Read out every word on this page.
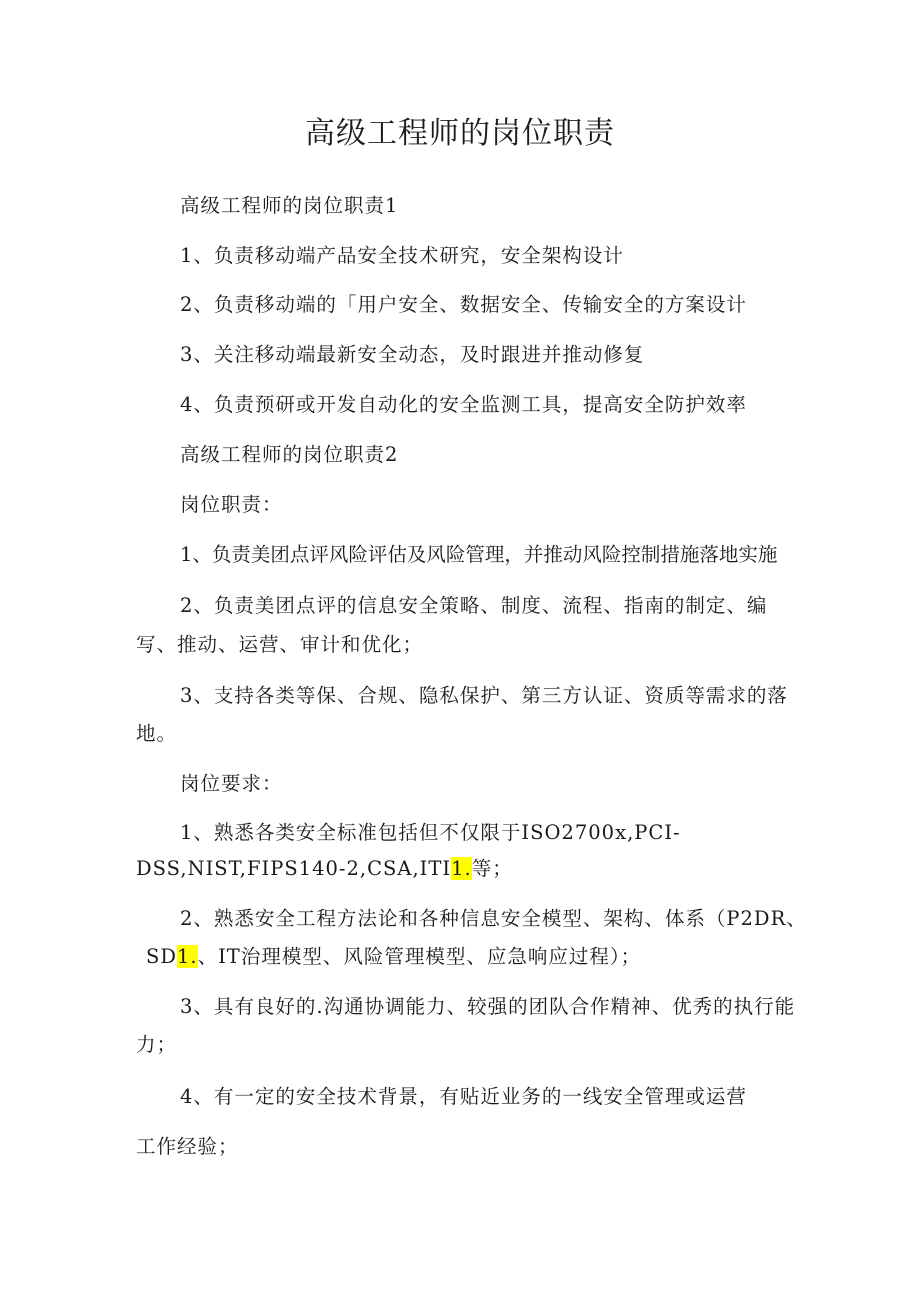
高级工程师的岗位职责
高级工程师的岗位职责1
1、负责移动端产品安全技术研究，安全架构设计
2、负责移动端的「用户安全、数据安全、传输安全的方案设计
3、关注移动端最新安全动态，及时跟进并推动修复
4、负责预研或开发自动化的安全监测工具，提高安全防护效率
高级工程师的岗位职责2
岗位职责：
1、负责美团点评风险评估及风险管理，并推动风险控制措施落地实施
2、负责美团点评的信息安全策略、制度、流程、指南的制定、编
写、推动、运营、审计和优化；
3、支持各类等保、合规、隐私保护、第三方认证、资质等需求的落
地。
岗位要求：
1、熟悉各类安全标准包括但不仅限于ISO2700x,PCI-
DSS,NIST,FIPS140-2,CSA,ITI1.等；
2、熟悉安全工程方法论和各种信息安全模型、架构、体系（P2DR、
SD1.、IT治理模型、风险管理模型、应急响应过程）；
3、具有良好的.沟通协调能力、较强的团队合作精神、优秀的执行能
力；
4、有一定的安全技术背景，有贴近业务的一线安全管理或运营
工作经验；
